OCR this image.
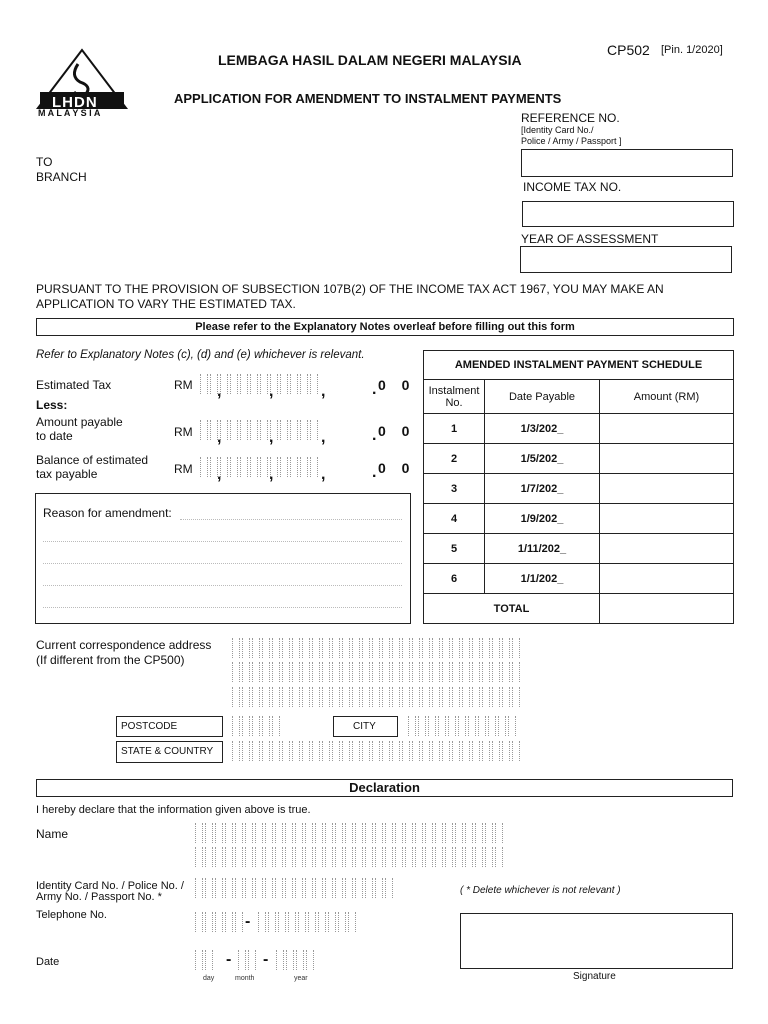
LHDN
M A L A Y S I A
LEMBAGA HASIL DALAM NEGERI MALAYSIA
CP502 [Pin. 1/2020]
APPLICATION FOR AMENDMENT TO INSTALMENT PAYMENTS
TO
BRANCH
REFERENCE NO.
[Identity Card No./
Police / Army / Passport ]
INCOME TAX NO.
YEAR OF ASSESSMENT
PURSUANT TO THE PROVISION OF SUBSECTION 107B(2) OF THE INCOME TAX ACT 1967, YOU MAY MAKE AN
APPLICATION TO VARY THE ESTIMATED TAX.
Please refer to the Explanatory Notes overleaf before filling out this form
Refer to Explanatory Notes (c), (d) and (e) whichever is relevant.
Estimated Tax	RM ,	,	,	. 0 0
Less:
Amount payable
to date	RM ,	,	,	. 0 0
Balance of estimated
tax payable	RM ,	,	,	. 0 0
Reason for amendment:
AMENDED INSTALMENT PAYMENT SCHEDULE		
Instalment
No.	Date Payable	Amount (RM)
1	1/3/202_	
2	1/5/202_	
3	1/7/202_	
4	1/9/202_	
5	1/11/202_	
6	1/1/202_	
TOTAL		
Current correspondence address
(If different from the CP500)
POSTCODE	CITY
STATE & COUNTRY
Declaration
I hereby declare that the information given above is true.
Name
Identity Card No. / Police No. /
Army No. / Passport No. *
( * Delete whichever is not relevant )
Telephone No.	-
Signature
Date	- -
day	month	year
